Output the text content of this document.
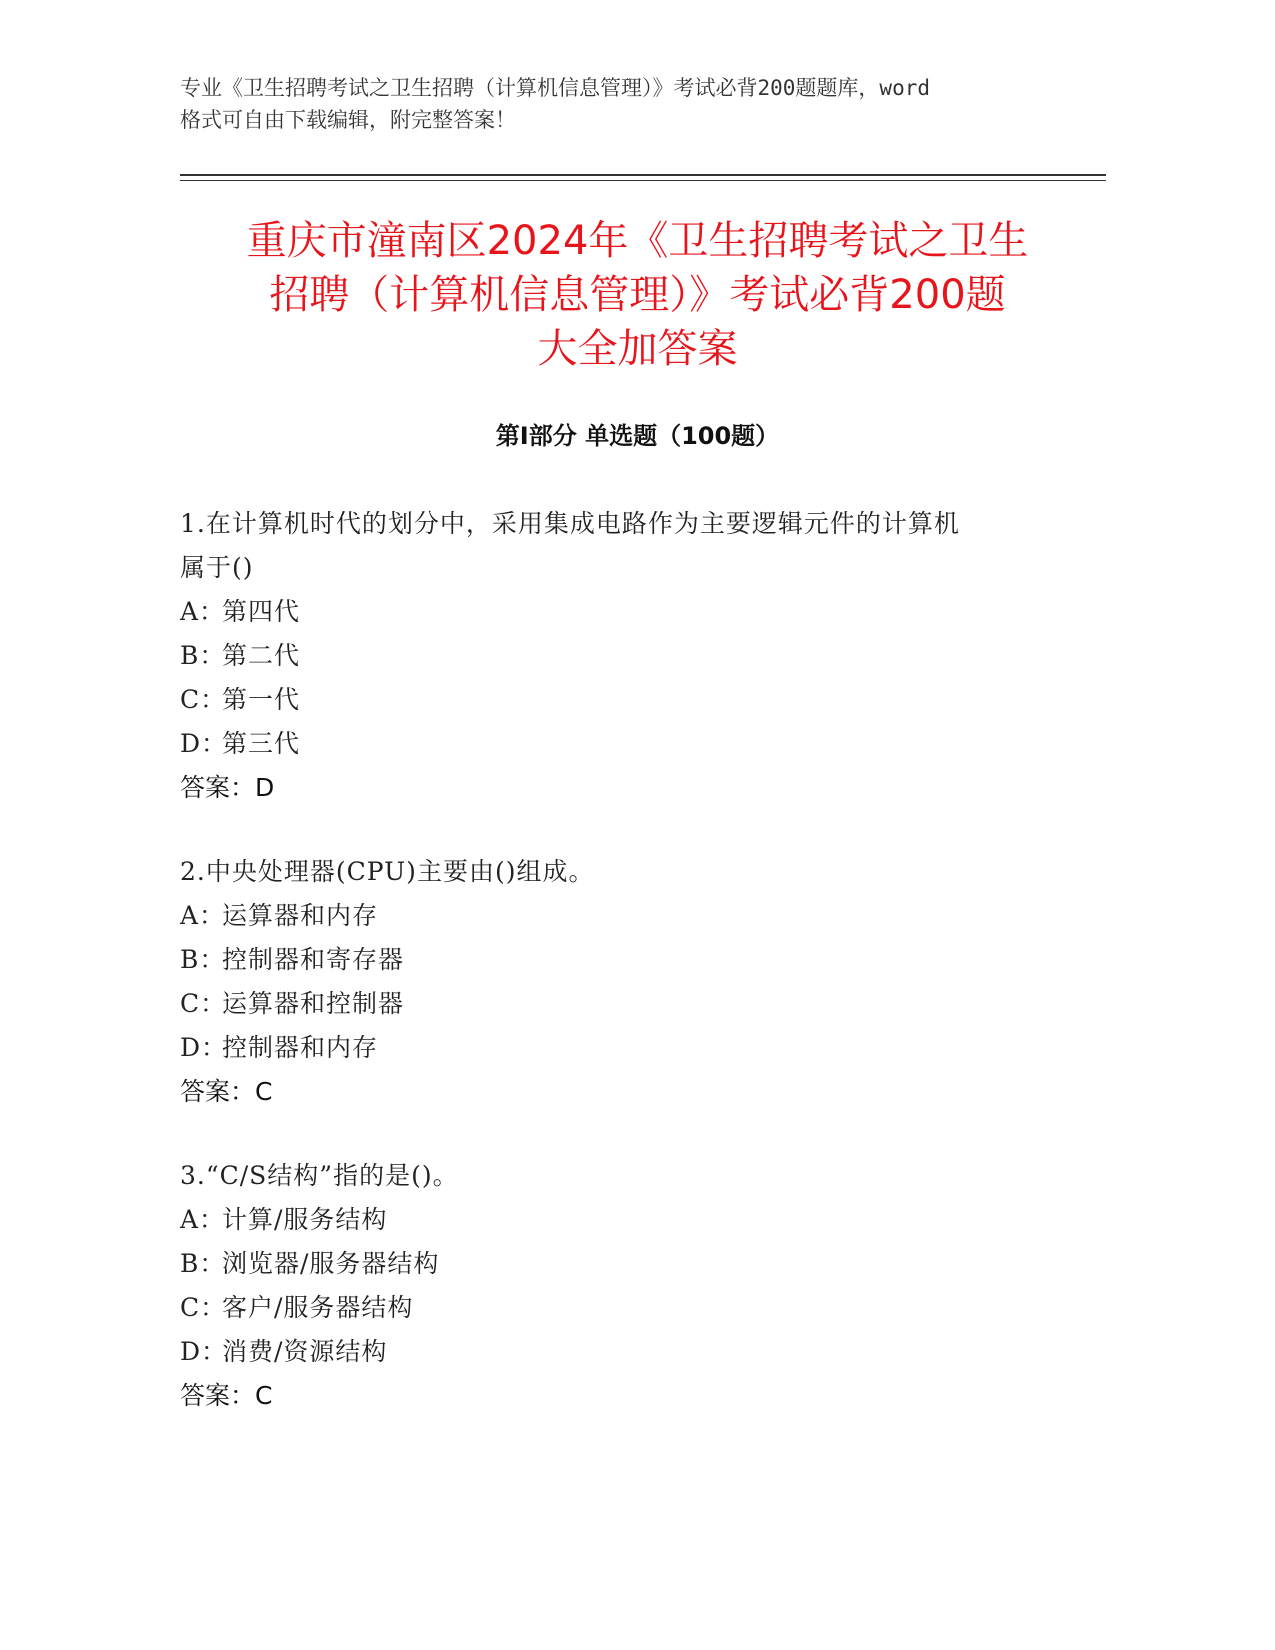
专业《卫生招聘考试之卫生招聘（计算机信息管理）》考试必背200题题库，word
格式可自由下载编辑，附完整答案！
重庆市潼南区2024年《卫生招聘考试之卫生
招聘（计算机信息管理）》考试必背200题
大全加答案
第Ⅰ部分 单选题（100题）
1.在计算机时代的划分中，采用集成电路作为主要逻辑元件的计算机
属于()
A：第四代
B：第二代
C：第一代
D：第三代
答案：D
2.中央处理器(CPU)主要由()组成。
A：运算器和内存
B：控制器和寄存器
C：运算器和控制器
D：控制器和内存
答案：C
3.“C/S结构”指的是()。
A：计算/服务结构
B：浏览器/服务器结构
C：客户/服务器结构
D：消费/资源结构
答案：C
